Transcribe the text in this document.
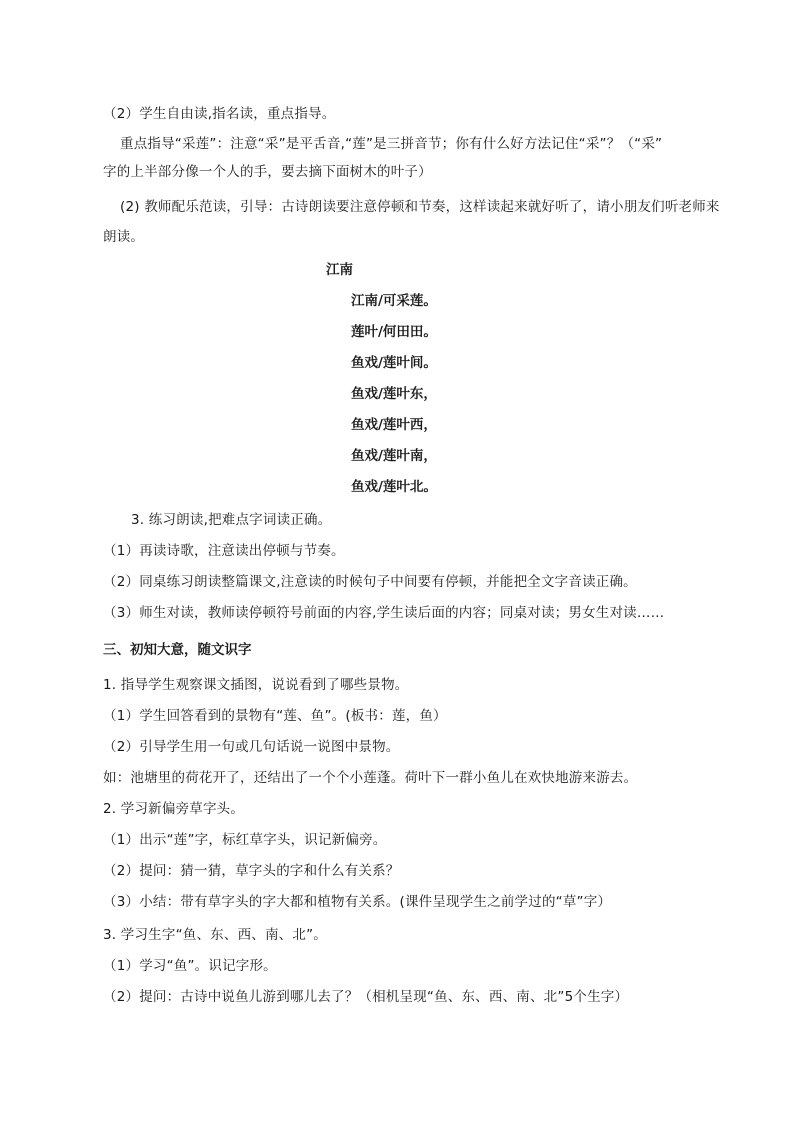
（2）学生自由读,指名读，重点指导。
重点指导“采莲”：注意“采”是平舌音,“莲”是三拼音节；你有什么好方法记住“采”？（“采”
字的上半部分像一个人的手，要去摘下面树木的叶子）
(2) 教师配乐范读，引导：古诗朗读要注意停顿和节奏，这样读起来就好听了，请小朋友们听老师来
朗读。
江南
江南/可采莲。
莲叶/何田田。
鱼戏/莲叶间。
鱼戏/莲叶东，
鱼戏/莲叶西，
鱼戏/莲叶南，
鱼戏/莲叶北。
3. 练习朗读,把难点字词读正确。
（1）再读诗歌，注意读出停顿与节奏。
（2）同桌练习朗读整篇课文,注意读的时候句子中间要有停顿，并能把全文字音读正确。
（3）师生对读，教师读停顿符号前面的内容,学生读后面的内容；同桌对读；男女生对读……
三、初知大意，随文识字
1. 指导学生观察课文插图，说说看到了哪些景物。
（1）学生回答看到的景物有“莲、鱼”。(板书：莲，鱼）
（2）引导学生用一句或几句话说一说图中景物。
如：池塘里的荷花开了，还结出了一个个小莲蓬。荷叶下一群小鱼儿在欢快地游来游去。
2. 学习新偏旁草字头。
（1）出示“莲”字，标红草字头，识记新偏旁。
（2）提问：猜一猜，草字头的字和什么有关系？
（3）小结：带有草字头的字大都和植物有关系。(课件呈现学生之前学过的“草”字）
3. 学习生字“鱼、东、西、南、北”。
（1）学习“鱼”。识记字形。
（2）提问：古诗中说鱼儿游到哪儿去了？（相机呈现“鱼、东、西、南、北”5个生字）
